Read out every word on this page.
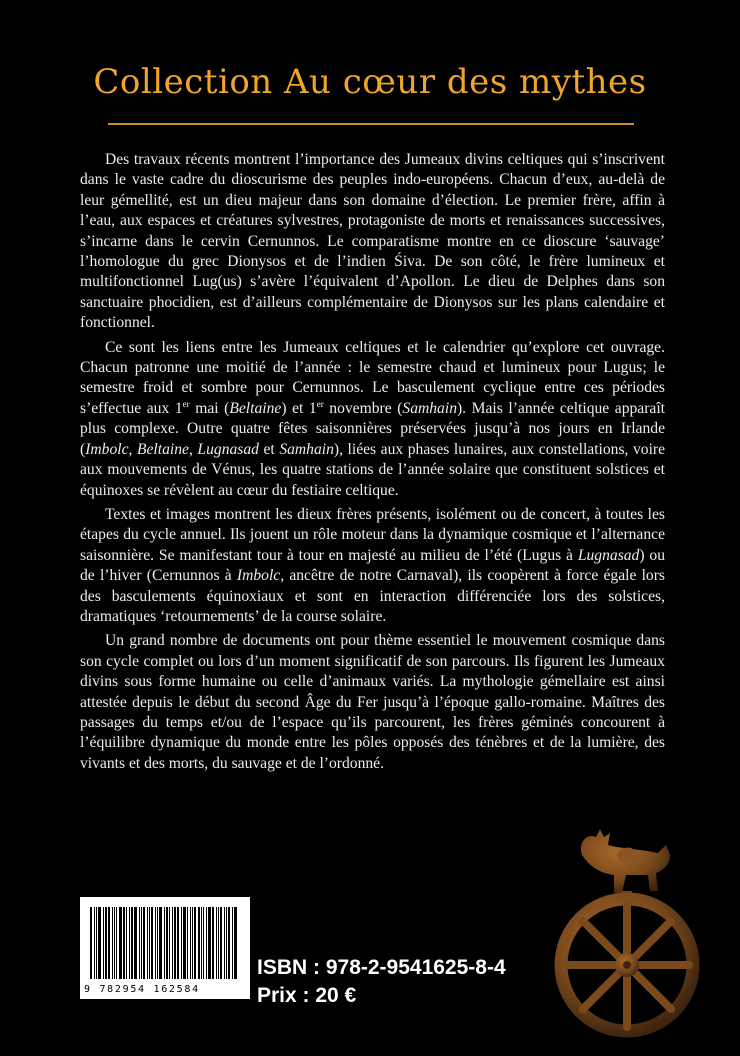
Collection Au cœur des mythes

Des travaux récents montrent l’importance des Jumeaux divins celtiques qui s’inscrivent dans le vaste cadre du dioscurisme des peuples indo-européens. Chacun d’eux, au-delà de leur gémellité, est un dieu majeur dans son domaine d’élection. Le premier frère, affin à l’eau, aux espaces et créatures sylvestres, protagoniste de morts et renaissances successives, s’incarne dans le cervin Cernunnos. Le comparatisme montre en ce dioscure ‘sauvage’ l’homologue du grec Dionysos et de l’indien Śiva. De son côté, le frère lumineux et multifonctionnel Lug(us) s’avère l’équivalent d’Apollon. Le dieu de Delphes dans son sanctuaire phocidien, est d’ailleurs complémentaire de Dionysos sur les plans calendaire et fonctionnel.

Ce sont les liens entre les Jumeaux celtiques et le calendrier qu’explore cet ouvrage. Chacun patronne une moitié de l’année : le semestre chaud et lumineux pour Lugus; le semestre froid et sombre pour Cernunnos. Le basculement cyclique entre ces périodes s’effectue aux 1er mai (Beltaine) et 1er novembre (Samhain). Mais l’année celtique apparaît plus complexe. Outre quatre fêtes saisonnières préservées jusqu’à nos jours en Irlande (Imbolc, Beltaine, Lugnasad et Samhain), liées aux phases lunaires, aux constellations, voire aux mouvements de Vénus, les quatre stations de l’année solaire que constituent solstices et équinoxes se révèlent au cœur du festiaire celtique.

Textes et images montrent les dieux frères présents, isolément ou de concert, à toutes les étapes du cycle annuel. Ils jouent un rôle moteur dans la dynamique cosmique et l’alternance saisonnière. Se manifestant tour à tour en majesté au milieu de l’été (Lugus à Lugnasad) ou de l’hiver (Cernunnos à Imbolc, ancêtre de notre Carnaval), ils coopèrent à force égale lors des basculements équinoxiaux et sont en interaction différenciée lors des solstices, dramatiques ‘retournements’ de la course solaire.

Un grand nombre de documents ont pour thème essentiel le mouvement cosmique dans son cycle complet ou lors d’un moment significatif de son parcours. Ils figurent les Jumeaux divins sous forme humaine ou celle d’animaux variés. La mythologie gémellaire est ainsi attestée depuis le début du second Âge du Fer jusqu’à l’époque gallo-romaine. Maîtres des passages du temps et/ou de l’espace qu’ils parcourent, les frères géminés concourent à l’équilibre dynamique du monde entre les pôles opposés des ténèbres et de la lumière, des vivants et des morts, du sauvage et de l’ordonné.

9 782954 162584
ISBN : 978-2-9541625-8-4
Prix : 20 €
